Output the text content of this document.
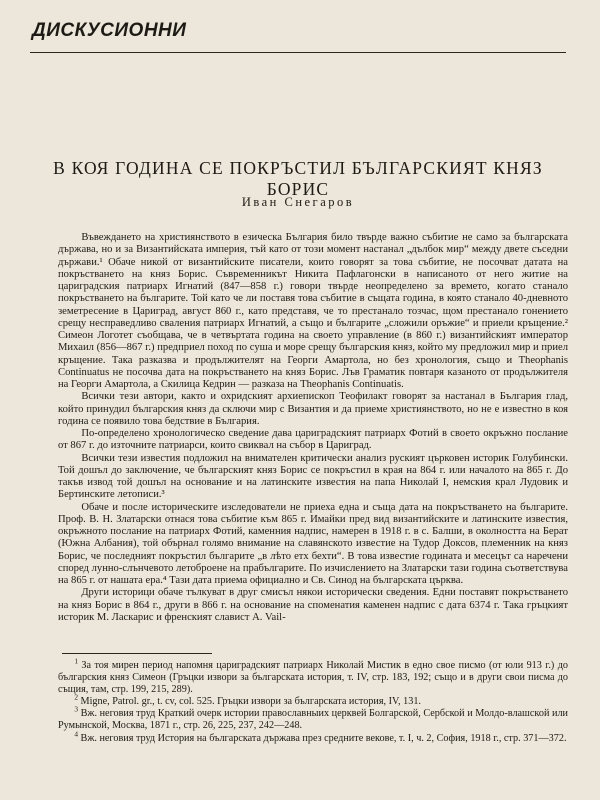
ДИСКУСИОННИ
В КОЯ ГОДИНА СЕ ПОКРЪСТИЛ БЪЛГАРСКИЯТ КНЯЗ БОРИС
Иван Снегаров

Въвеждането на християнството в езическа България било твърде важно събитие не само за българската държава, но и за Византийската империя, тъй като от този момент настанал „дълбок мир“ между двете съседни държави.¹ Обаче никой от византийските писатели, които говорят за това събитие, не посочват датата на покръстването на княз Борис. Съвременникът Никита Пафлагонски в написаното от него житие на цариградския патриарх Игнатий (847—858 г.) говори твърде неопределено за времето, когато станало покръстването на българите. Той като че ли поставя това събитие в същата година, в която станало 40-дневното земетресение в Цариград, август 860 г., като представя, че то престанало тозчас, щом престанало гонението срещу несправедливо сваления патриарх Игнатий, а също и българите „сложили оръжие“ и приели кръщение.² Симеон Логотет съобщава, че в четвъртата година на своето управление (в 860 г.) византийският император Михаил (856—867 г.) предприел поход по суша и море срещу българския княз, който му предложил мир и приел кръщение. Така разказва и продължителят на Георги Амартола, но без хронология, също и Theophanis Continuatus не посочва дата на покръстването на княз Борис. Лъв Граматик повтаря казаното от продължителя на Георги Амартола, а Скилица Кедрин — разказа на Theophanis Continuatis.

Всички тези автори, както и охридският архиепископ Теофилакт говорят за настанал в България глад, който принудил българския княз да сключи мир с Византия и да приеме християнството, но не е известно в коя година се появило това бедствие в България.

По-определено хронологическо сведение дава цариградският патриарх Фотий в своето окръжно послание от 867 г. до източните патриарси, които свиквал на събор в Цариград.

Всички тези известия подложил на внимателен критически анализ руският църковен историк Голубински. Той дошъл до заключение, че българският княз Борис се покръстил в края на 864 г. или началото на 865 г. До такъв извод той дошъл на основание и на латинските известия на папа Николай I, немския крал Лудовик и Бертинските летописи.³

Обаче и после историческите изследователи не приеха една и съща дата на покръстването на българите. Проф. В. Н. Златарски отнася това събитие към 865 г. Имайки пред вид византийските и латинските известия, окръжното послание на патриарх Фотий, каменния надпис, намерен в 1918 г. в с. Балши, в околността на Берат (Южна Албания), той обърнал голямо внимание на славянското известие на Тудор Доксов, племенник на княз Борис, че последният покръстил българите „в лѣто етх бехти“. В това известие годината и месецът са наречени според лунно-слънчевото летоброене на прабългарите. По изчислението на Златарски тази година съответствува на 865 г. от нашата ера.⁴ Тази дата приема официално и Св. Синод на българската църква.

Други историци обаче тълкуват в друг смисъл някои исторически сведения. Едни поставят покръстването на княз Борис в 864 г., други в 866 г. на основание на споменатия каменен надпис с дата 6374 г. Така гръцкият историк М. Ласкарис и френският славист А. Vail-

$^1$ За тоя мирен период напомня цариградският патриарх Николай Мистик в едно свое писмо (от юли 913 г.) до българския княз Симеон (Гръцки извори за българската история, т. IV, стр. 183, 192; също и в други свои писма до същия, там, стр. 199, 215, 289).

$^2$ Migne, Patrol. gr., t. cv, col. 525. Гръцки извори за българската история, IV, 131.

$^3$ Вж. неговия труд Краткий очерк истории православныих церквей Болгарской, Сербской и Молдо-влашской или Румынской, Москва, 1871 г., стр. 26, 225, 237, 242—248.

$^4$ Вж. неговия труд История на българската държава през средните векове, т. I, ч. 2, София, 1918 г., стр. 371—372.
